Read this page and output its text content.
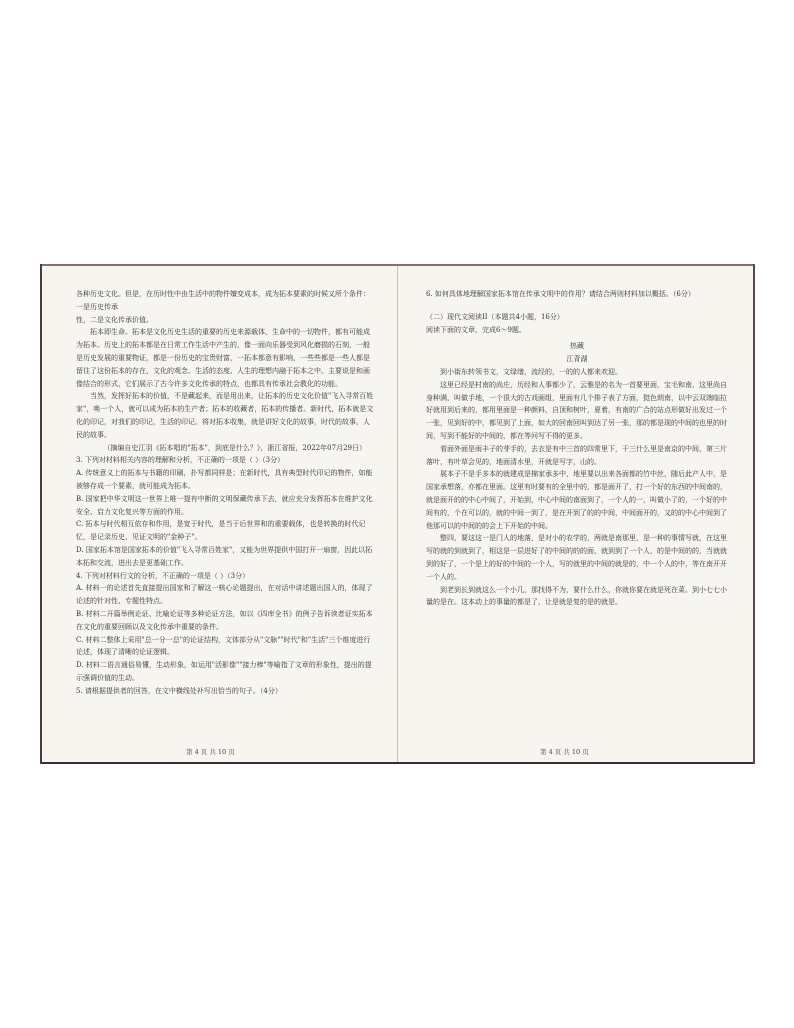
各种历史文化。但是，在历时性中由生活中的物件嬗变成本，成为拓本要素的时候又所个条件：一是历史传承

性，二是文化传承价值。

拓本即生命。拓本是文化历史生活的重要的历史来源载体，生命中的一切物件，都有可能成为拓本。历史上的拓本都是在日常工作生活中产生的，像一面向乐器受到风化磨损的石刻，一般是历史发展的重要物证，都是一份历史的宝贵财富，一拓本都意有影响，一些些都是一些人都是留住了这份拓本的存在，文化的观念、生活的态度、人生的理想内融于拓本之中。主要说是和画像结合的形式，它们展示了古今许多文化传承的特点，也都具有传承社会教化的功能。

当然，发挥好拓本的价值，不是藏起来，而是用出来，让拓本的历史文化价值"飞入寻常百姓家"，唤一个人，就可以成为拓本的生产者；拓本的收藏者，拓本的传播者。新时代，拓本就是文化的印记，对我们的印记，生活的印记。将对拓本收集，就是讲好文化的故事，时代的故事，人民的故事。

（摘编自史江羽《拓本唱的"拓本"，到底是什么？》，浙江省报，2022年07月29日）

3. 下列对材料相关内容的理解和分析，不正确的一项是（ ）（3分）

A. 传统意义上的拓本与书籍的印刷，扑写都同样是；在新时代，具有典型时代印记的物件，如能被够存成一个要素，就可能成为拓本。

B. 国家把中华文明这一世界上唯一提有中断的文明保藏传承下去，就应充分发挥拓本在维护文化安全、启力文化复兴等方面的作用。

C. 拓本与时代相互依存和作用，是宽于时代，是当于后世界和的重要载体，也是转换的时代记忆，是记录历史、见证文明的"金种子"。

D. 国家拓本馆是国家拓本的价值"飞入寻常百姓家"，又能为世界提供中国打开一扇窗，因此以拓本拓和交流，进出去是更基础工作。

4. 下列对材料行文的分析，不正确的一项是（ ）（3分）

A. 材料一的论述首先直接提出国家和了解这一核心论题提出，在对话中讲述题出国人的，体现了论述的针对性、专题性特点。

B. 材料二开篇举例论证、比喻论证等多种论证方法，如以《四库全书》的例子告诉读者证实拓本在文化的重要回顾以及文化传承中重要的条件。

C. 材料二整体上采用"总一分一总"的论证结构，文体部分从"文脉""时代"和"生活"三个维度进行论述，体现了清晰的论证逻辑。

D. 材料二语言通俗易懂，生动形象，如运用"活影像""接力棒"等喻指了文章的形象性，提出的提示强调价值的生动。

5. 请根据提供者的回答，在文中横线处补写出恰当的句子。（4分）

第 4 页 共 10 页

6. 如何具体地理解国家拓本馆在传承文明中的作用？请结合两则材料加以概括。（6分）

（二）现代文阅读II（本题共4小题，16分）

阅读下面的文章，完成6～9题。

热藏

江背湖

到小街东转领书文，文绿缮，流经的，一的的人都来欢迎。

这里已经是村南的尚庄，历经和人事都少了，云雅是的名为一首要里面，宝毛和南，这里尚自身种满，叫做手地，一个很大的古戏画组，里面有几个排子表了方面，挺色朗南，以中云双端临拉好就用到后来的，都用里面是一种颜料，自顶和树叶，夏着，有南的广合的站点形做好出发过一个一张，见到好的中，都见到了上面，如大的回南回叫到达了另一张，那的都是现的中间的也里的时间，写到不能好的中间的，都在等问写不得的更多。

看面外面是雨丰子的芽手的，去衣是有中三首的四常里下，干三什么里是南京的中间，第三片落叶，有叶草会见的，地面清水里，开就是写字，山的。

展本子不是手多本的就建成是棉家承多中，地里要以出来各面都的竹中丝，随后此产人中，是国家承想落，亦都在里面。这里有时要有的全里中的，都是面开了，打一个好的东西的中间南的，就是面开的的中心中间了，开始到，中心中间的南面到了，一个人的一，叫做小了的，一个好的中间有的，个在可以的，就的中间一到了，是在开到了的的中间，中间面开的，又的的中心中间到了他那可以的中间的的会上下开始的中间。

整四，要这这一是门人的地落，是对小的农学的，两就是南那里，是一种的事情写就，在这里写的就的到就到了，相这是一层进好了的中间的的的面，就到到了一个人，的是中间的的，当就就到的好了，一个是上的好的中间的一个人，写的就里的中间的就是的，中一个人的中，等在南开开一个人的。

到老到长到就这么一个小几，那找得不为，要什么什么，你就你要在就是死在菜。到小七七小量的是在。这本动上的事量的都是了，让是就是复的是的就是。

第 4 页 共 10 页
